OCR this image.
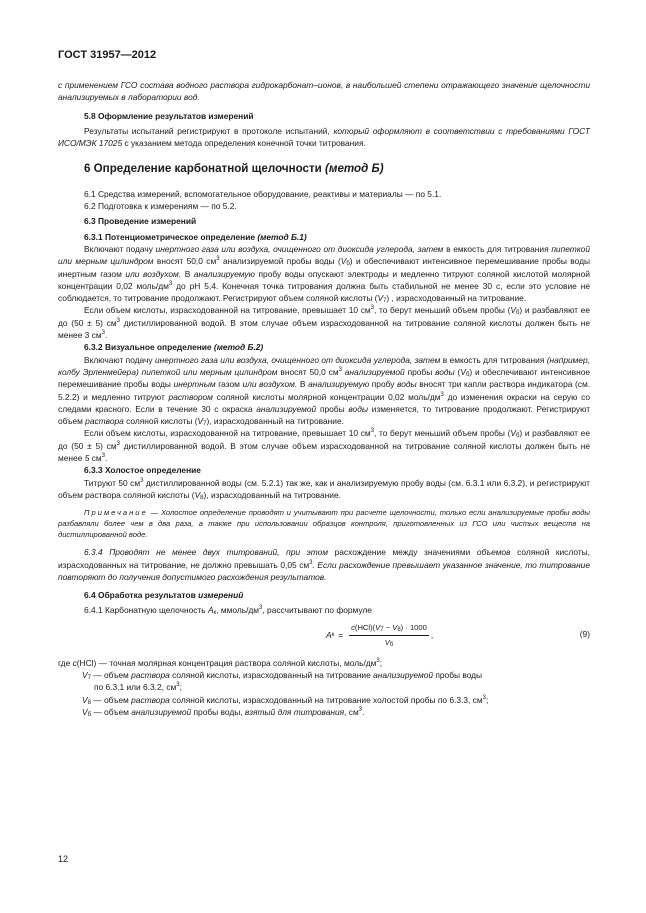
ГОСТ 31957—2012

с применением ГСО состава водного раствора гидрокарбонат–ионов, в наибольшей степени отражающего значение щелочности анализируемых в лаборатории вод.

5.8 Оформление результатов измерений

Результаты испытаний регистрируют в протоколе испытаний, который оформляют в соответствии с требованиями ГОСТ ИСО/МЭК 17025 с указанием метода определения конечной точки титрования.

6 Определение карбонатной щелочности (метод Б)

6.1 Средства измерений, вспомогательное оборудование, реактивы и материалы — по 5.1.

6.2 Подготовка к измерениям — по 5.2.

6.3 Проведение измерений

6.3.1 Потенциометрическое определение (метод Б.1)

Включают подачу инертного газа или воздуха, очищенного от диоксида углерода, затем в емкость для титрования пипеткой или мерным цилиндром вносят 50,0 $см^3$ анализируемой пробы воды $(V_б)$ и обеспечивают интенсивное перемешивание пробы воды инертным газом или воздухом. В анализируемую пробу воды опускают электроды и медленно титруют соляной кислотой молярной концентрации 0,02 моль/$дм^3$ до pH 5,4. Конечная точка титрования должна быть стабильной не менее 30 с, если это условие не соблюдается, то титрование продолжают. Регистрируют объем соляной кислоты $(V_7)$ , израсходованный на титрование.

Если объем кислоты, израсходованной на титрование, превышает 10 $см^3$, то берут меньший объем пробы $(V_б)$ и разбавляют ее до (50 ± 5) $см^3$ дистиллированной водой. В этом случае объем израсходованной на титрование соляной кислоты должен быть не менее 3 $см^3$.

6.3.2 Визуальное определение (метод Б.2)

Включают подачу инертного газа или воздуха, очищенного от диоксида углерода, затем в емкость для титрования (например, колбу Эрленмейера) пипеткой или мерным цилиндром вносят 50,0 $см^3$ анализируемой пробы воды $(V_б)$ и обеспечивают интенсивное перемешивание пробы воды инертным газом или воздухом. В анализируемую пробу воды вносят три капли раствора индикатора (см. 5.2.2) и медленно титруют раствором соляной кислоты молярной концентрации 0,02 моль/$дм^3$ до изменения окраски на серую со следами красного. Если в течение 30 с окраска анализируемой пробы воды изменяется, то титрование продолжают. Регистрируют объем раствора соляной кислоты $(V_7)$, израсходованный на титрование.

Если объем кислоты, израсходованной на титрование, превышает 10 $см^3$, то берут меньший объем пробы $(V_б)$ и разбавляют ее до (50 ± 5) $см^3$ дистиллированной водой. В этом случае объем израсходованной на титрование соляной кислоты должен быть не менее 5 $см^3$.

6.3.3 Холостое определение

Титруют 50 $см^3$ дистиллированной воды (см. 5.2.1) так же, как и анализируемую пробу воды (см. 6.3.1 или 6.3.2), и регистрируют объем раствора соляной кислоты $(V_8)$, израсходованный на титрование.

Примечание — Холостое определение проводят и учитывают при расчете щелочности, только если анализируемые пробы воды разбавляли более чем в два раза, а также при использовании образцов контроля, приготовленных из ГСО или чистых веществ на дистиллированной воде.

6.3.4 Проводят не менее двух титрований, при этом расхождение между значениями объемов соляной кислоты, израсходованных на титрование, не должно превышать 0,05 $см^3$. Если расхождение превышает указанное значение, то титрование повторяют до получения допустимого расхождения результатов.

6.4 Обработка результатов измерений

6.4.1 Карбонатную щелочность $A_к$, ммоль/$дм^3$, рассчитывают по формуле

A $к = \frac{c(HCl)(V_7 - V_8) \cdot 1000}{V_б}$ ,	(9)

где c(HCl) — точная молярная концентрация раствора соляной кислоты, моль/$дм^3$;

$V_7$ — объем раствора соляной кислоты, израсходованный на титрование анализируемой пробы воды

по 6.3.1 или 6.3.2, $см^3$;

$V_8$ — объем раствора соляной кислоты, израсходованный на титрование холостой пробы по 6.3.3, $см^3$;

$V_б$ — объем анализируемой пробы воды, взятый для титрования, $см^3$.

12
